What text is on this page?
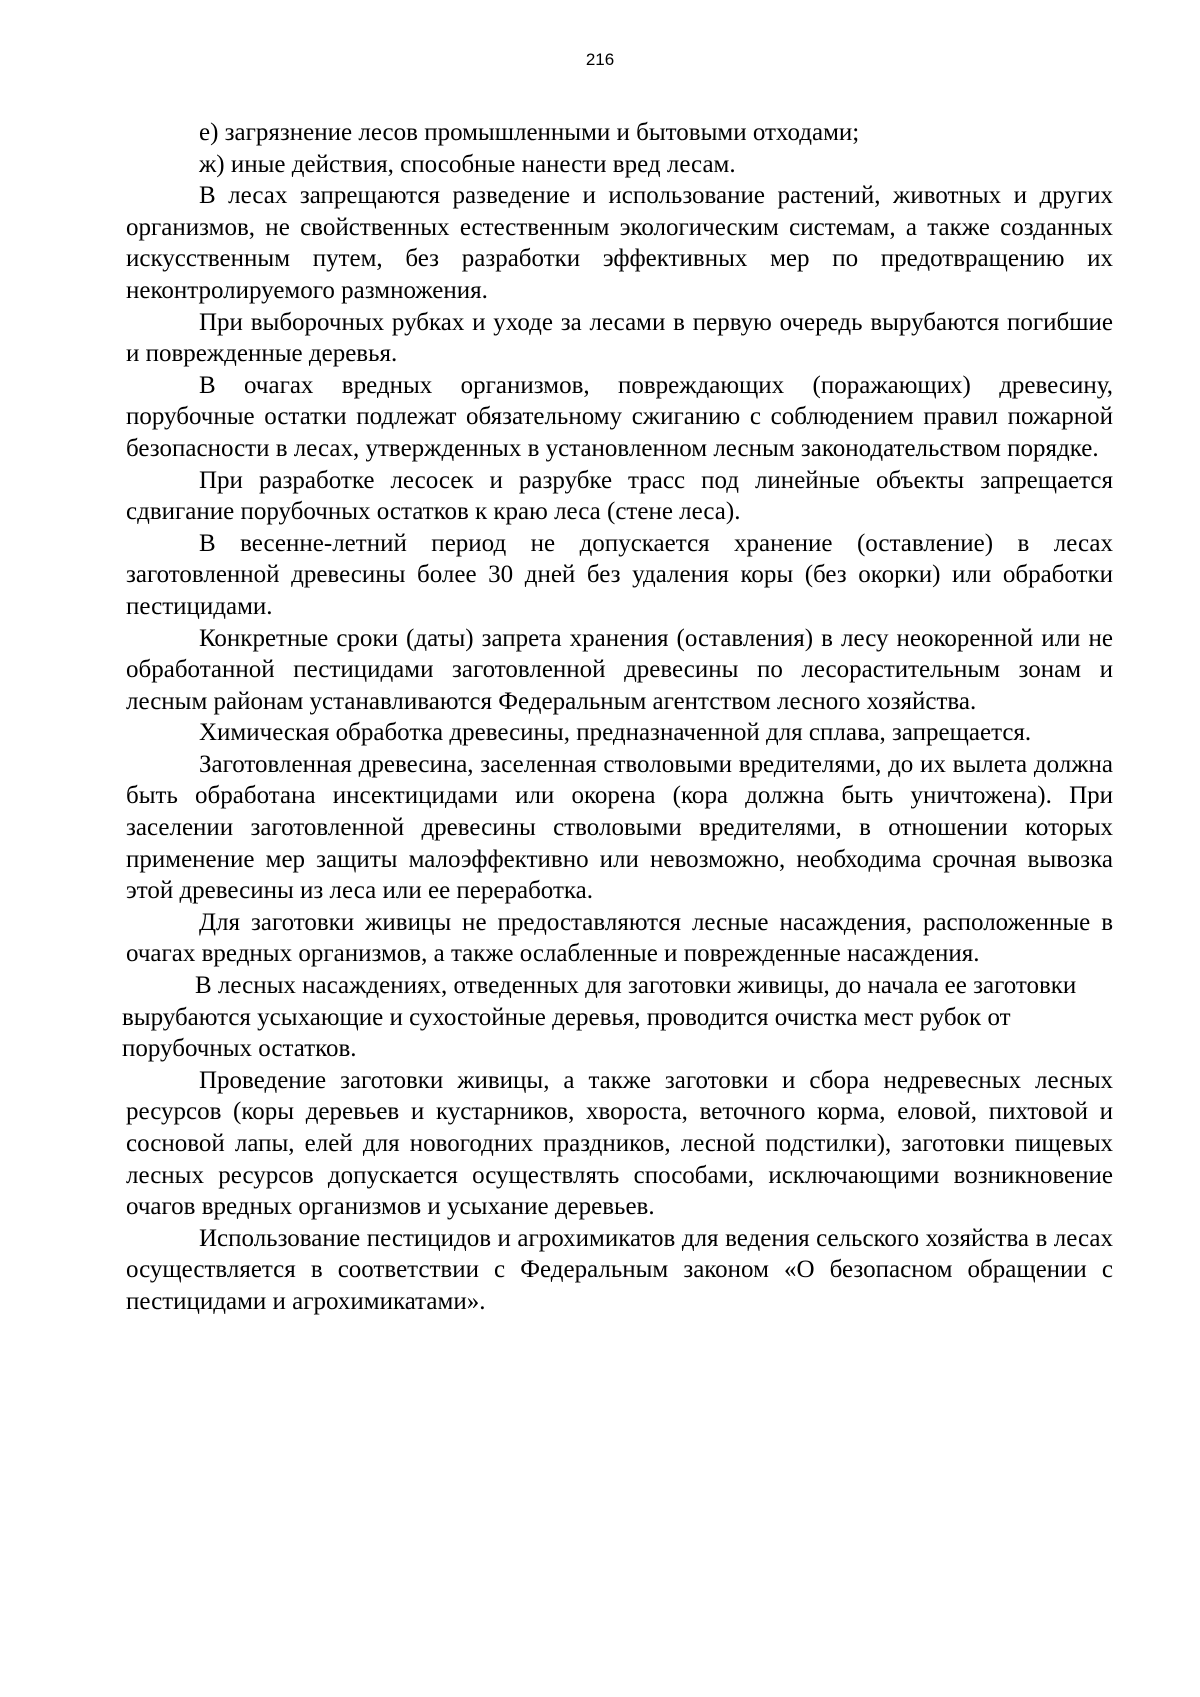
216

е) загрязнение лесов промышленными и бытовыми отходами;

ж) иные действия, способные нанести вред лесам.

В лесах запрещаются разведение и использование растений, животных и других организмов, не свойственных естественным экологическим системам, а также созданных искусственным путем, без разработки эффективных мер по предотвращению их неконтролируемого размножения.

При выборочных рубках и уходе за лесами в первую очередь вырубаются погибшие и поврежденные деревья.

В очагах вредных организмов, повреждающих (поражающих) древесину, порубочные остатки подлежат обязательному сжиганию с соблюдением правил пожарной безопасности в лесах, утвержденных в установленном лесным законодательством порядке.

При разработке лесосек и разрубке трасс под линейные объекты запрещается сдвигание порубочных остатков к краю леса (стене леса).

В весенне-летний период не допускается хранение (оставление) в лесах заготовленной древесины более 30 дней без удаления коры (без окорки) или обработки пестицидами.

Конкретные сроки (даты) запрета хранения (оставления) в лесу неокоренной или не обработанной пестицидами заготовленной древесины по лесорастительным зонам и лесным районам устанавливаются Федеральным агентством лесного хозяйства.

Химическая обработка древесины, предназначенной для сплава, запрещается.

Заготовленная древесина, заселенная стволовыми вредителями, до их вылета должна быть обработана инсектицидами или окорена (кора должна быть уничтожена). При заселении заготовленной древесины стволовыми вредителями, в отношении которых применение мер защиты малоэффективно или невозможно, необходима срочная вывозка этой древесины из леса или ее переработка.

Для заготовки живицы не предоставляются лесные насаждения, расположенные в очагах вредных организмов, а также ослабленные и поврежденные насаждения.

В лесных насаждениях, отведенных для заготовки живицы, до начала ее заготовки вырубаются усыхающие и сухостойные деревья, проводится очистка мест рубок от порубочных остатков.

Проведение заготовки живицы, а также заготовки и сбора недревесных лесных ресурсов (коры деревьев и кустарников, хвороста, веточного корма, еловой, пихтовой и сосновой лапы, елей для новогодних праздников, лесной подстилки), заготовки пищевых лесных ресурсов допускается осуществлять способами, исключающими возникновение очагов вредных организмов и усыхание деревьев.

Использование пестицидов и агрохимикатов для ведения сельского хозяйства в лесах осуществляется в соответствии с Федеральным законом «О безопасном обращении с пестицидами и агрохимикатами».
